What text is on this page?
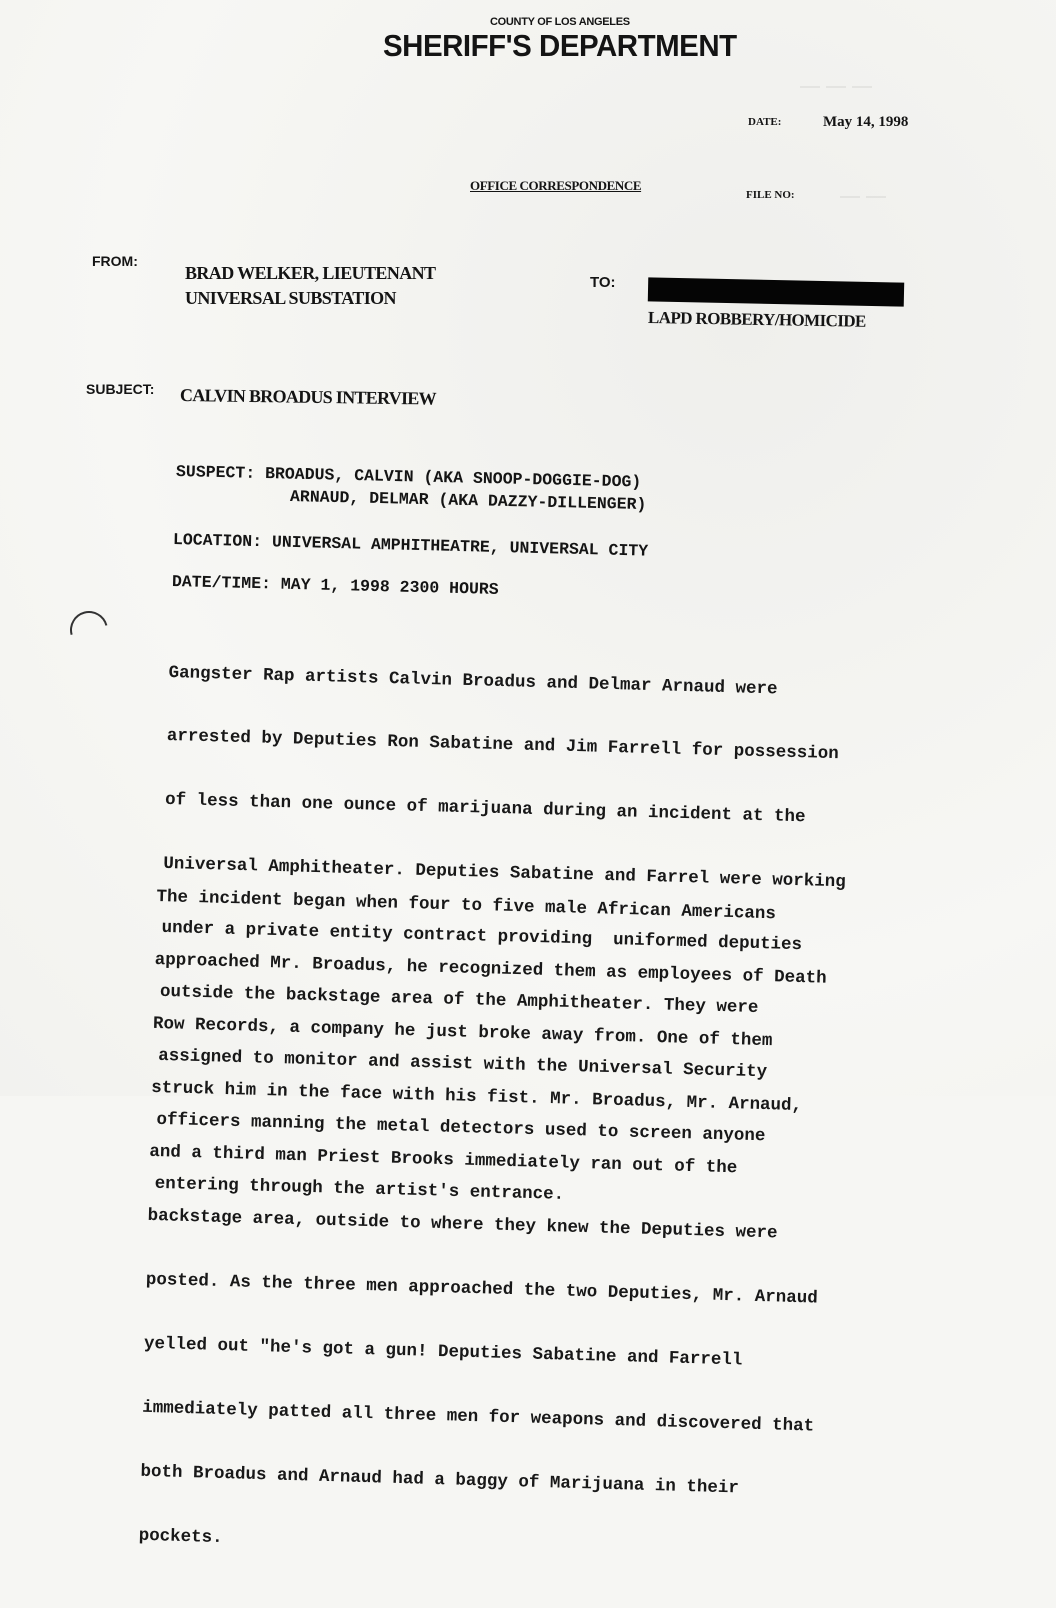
⎯⎯⎯
⎯⎯
COUNTY OF LOS ANGELES
SHERIFF'S DEPARTMENT
DATE:	May 14, 1998
OFFICE CORRESPONDENCE
FILE NO:
FROM:
BRAD WELKER, LIEUTENANT
UNIVERSAL SUBSTATION
TO:
LAPD ROBBERY/HOMICIDE
SUBJECT: CALVIN BROADUS INTERVIEW
SUSPECT: BROADUS, CALVIN (AKA SNOOP-DOGGIE-DOG)
ARNAUD, DELMAR (AKA DAZZY-DILLENGER)
LOCATION: UNIVERSAL AMPHITHEATRE, UNIVERSAL CITY
DATE/TIME: MAY 1, 1998 2300 HOURS

Gangster Rap artists Calvin Broadus and Delmar Arnaud were

arrested by Deputies Ron Sabatine and Jim Farrell for possession

of less than one ounce of marijuana during an incident at the

Universal Amphitheater. Deputies Sabatine and Farrel were working

under a private entity contract providing  uniformed deputies

outside the backstage area of the Amphitheater. They were

assigned to monitor and assist with the Universal Security

officers manning the metal detectors used to screen anyone

entering through the artist's entrance.

The incident began when four to five male African Americans

approached Mr. Broadus, he recognized them as employees of Death

Row Records, a company he just broke away from. One of them

struck him in the face with his fist. Mr. Broadus, Mr. Arnaud,

and a third man Priest Brooks immediately ran out of the

backstage area, outside to where they knew the Deputies were

posted. As the three men approached the two Deputies, Mr. Arnaud

yelled out "he's got a gun! Deputies Sabatine and Farrell

immediately patted all three men for weapons and discovered that

both Broadus and Arnaud had a baggy of Marijuana in their

pockets.
